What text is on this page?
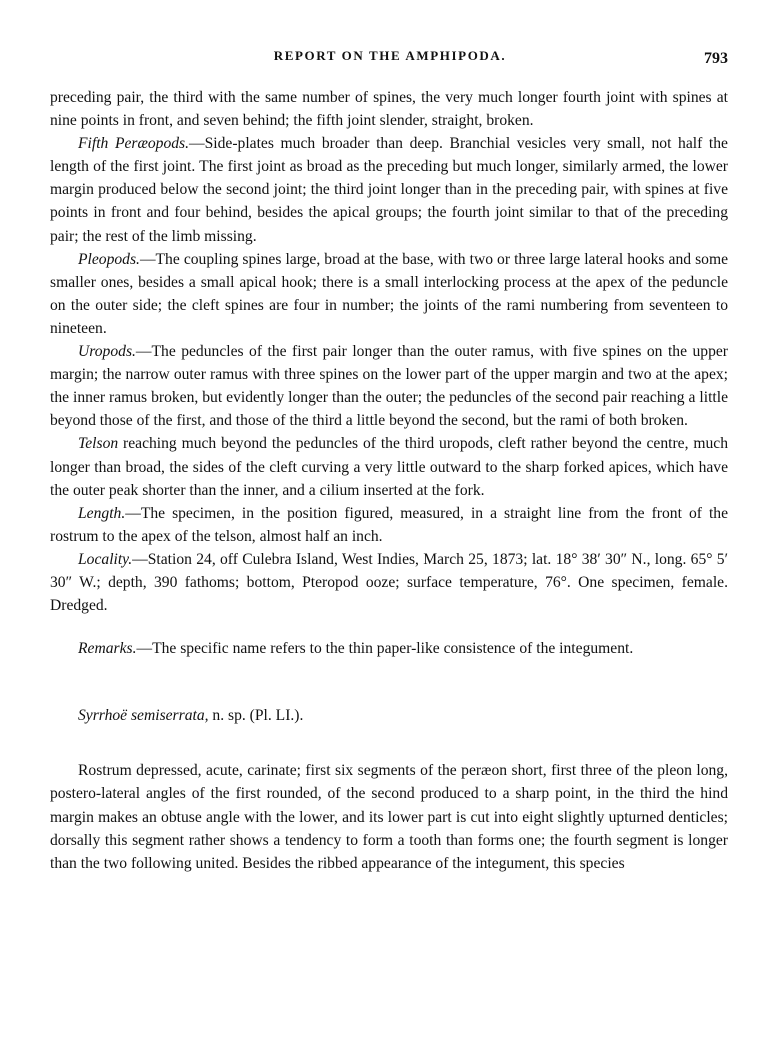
REPORT ON THE AMPHIPODA.	793

preceding pair, the third with the same number of spines, the very much longer fourth joint with spines at nine points in front, and seven behind; the fifth joint slender, straight, broken.

Fifth Peræopods.—Side-plates much broader than deep. Branchial vesicles very small, not half the length of the first joint. The first joint as broad as the preceding but much longer, similarly armed, the lower margin produced below the second joint; the third joint longer than in the preceding pair, with spines at five points in front and four behind, besides the apical groups; the fourth joint similar to that of the preceding pair; the rest of the limb missing.

Pleopods.—The coupling spines large, broad at the base, with two or three large lateral hooks and some smaller ones, besides a small apical hook; there is a small interlocking process at the apex of the peduncle on the outer side; the cleft spines are four in number; the joints of the rami numbering from seventeen to nineteen.

Uropods.—The peduncles of the first pair longer than the outer ramus, with five spines on the upper margin; the narrow outer ramus with three spines on the lower part of the upper margin and two at the apex; the inner ramus broken, but evidently longer than the outer; the peduncles of the second pair reaching a little beyond those of the first, and those of the third a little beyond the second, but the rami of both broken.

Telson reaching much beyond the peduncles of the third uropods, cleft rather beyond the centre, much longer than broad, the sides of the cleft curving a very little outward to the sharp forked apices, which have the outer peak shorter than the inner, and a cilium inserted at the fork.

Length.—The specimen, in the position figured, measured, in a straight line from the front of the rostrum to the apex of the telson, almost half an inch.

Locality.—Station 24, off Culebra Island, West Indies, March 25, 1873; lat. 18° 38′ 30″ N., long. 65° 5′ 30″ W.; depth, 390 fathoms; bottom, Pteropod ooze; surface temperature, 76°. One specimen, female. Dredged.

Remarks.—The specific name refers to the thin paper-like consistence of the integument.

Syrrhoë semiserrata, n. sp. (Pl. LI.).

Rostrum depressed, acute, carinate; first six segments of the peræon short, first three of the pleon long, postero-lateral angles of the first rounded, of the second produced to a sharp point, in the third the hind margin makes an obtuse angle with the lower, and its lower part is cut into eight slightly upturned denticles; dorsally this segment rather shows a tendency to form a tooth than forms one; the fourth segment is longer than the two following united. Besides the ribbed appearance of the integument, this species
